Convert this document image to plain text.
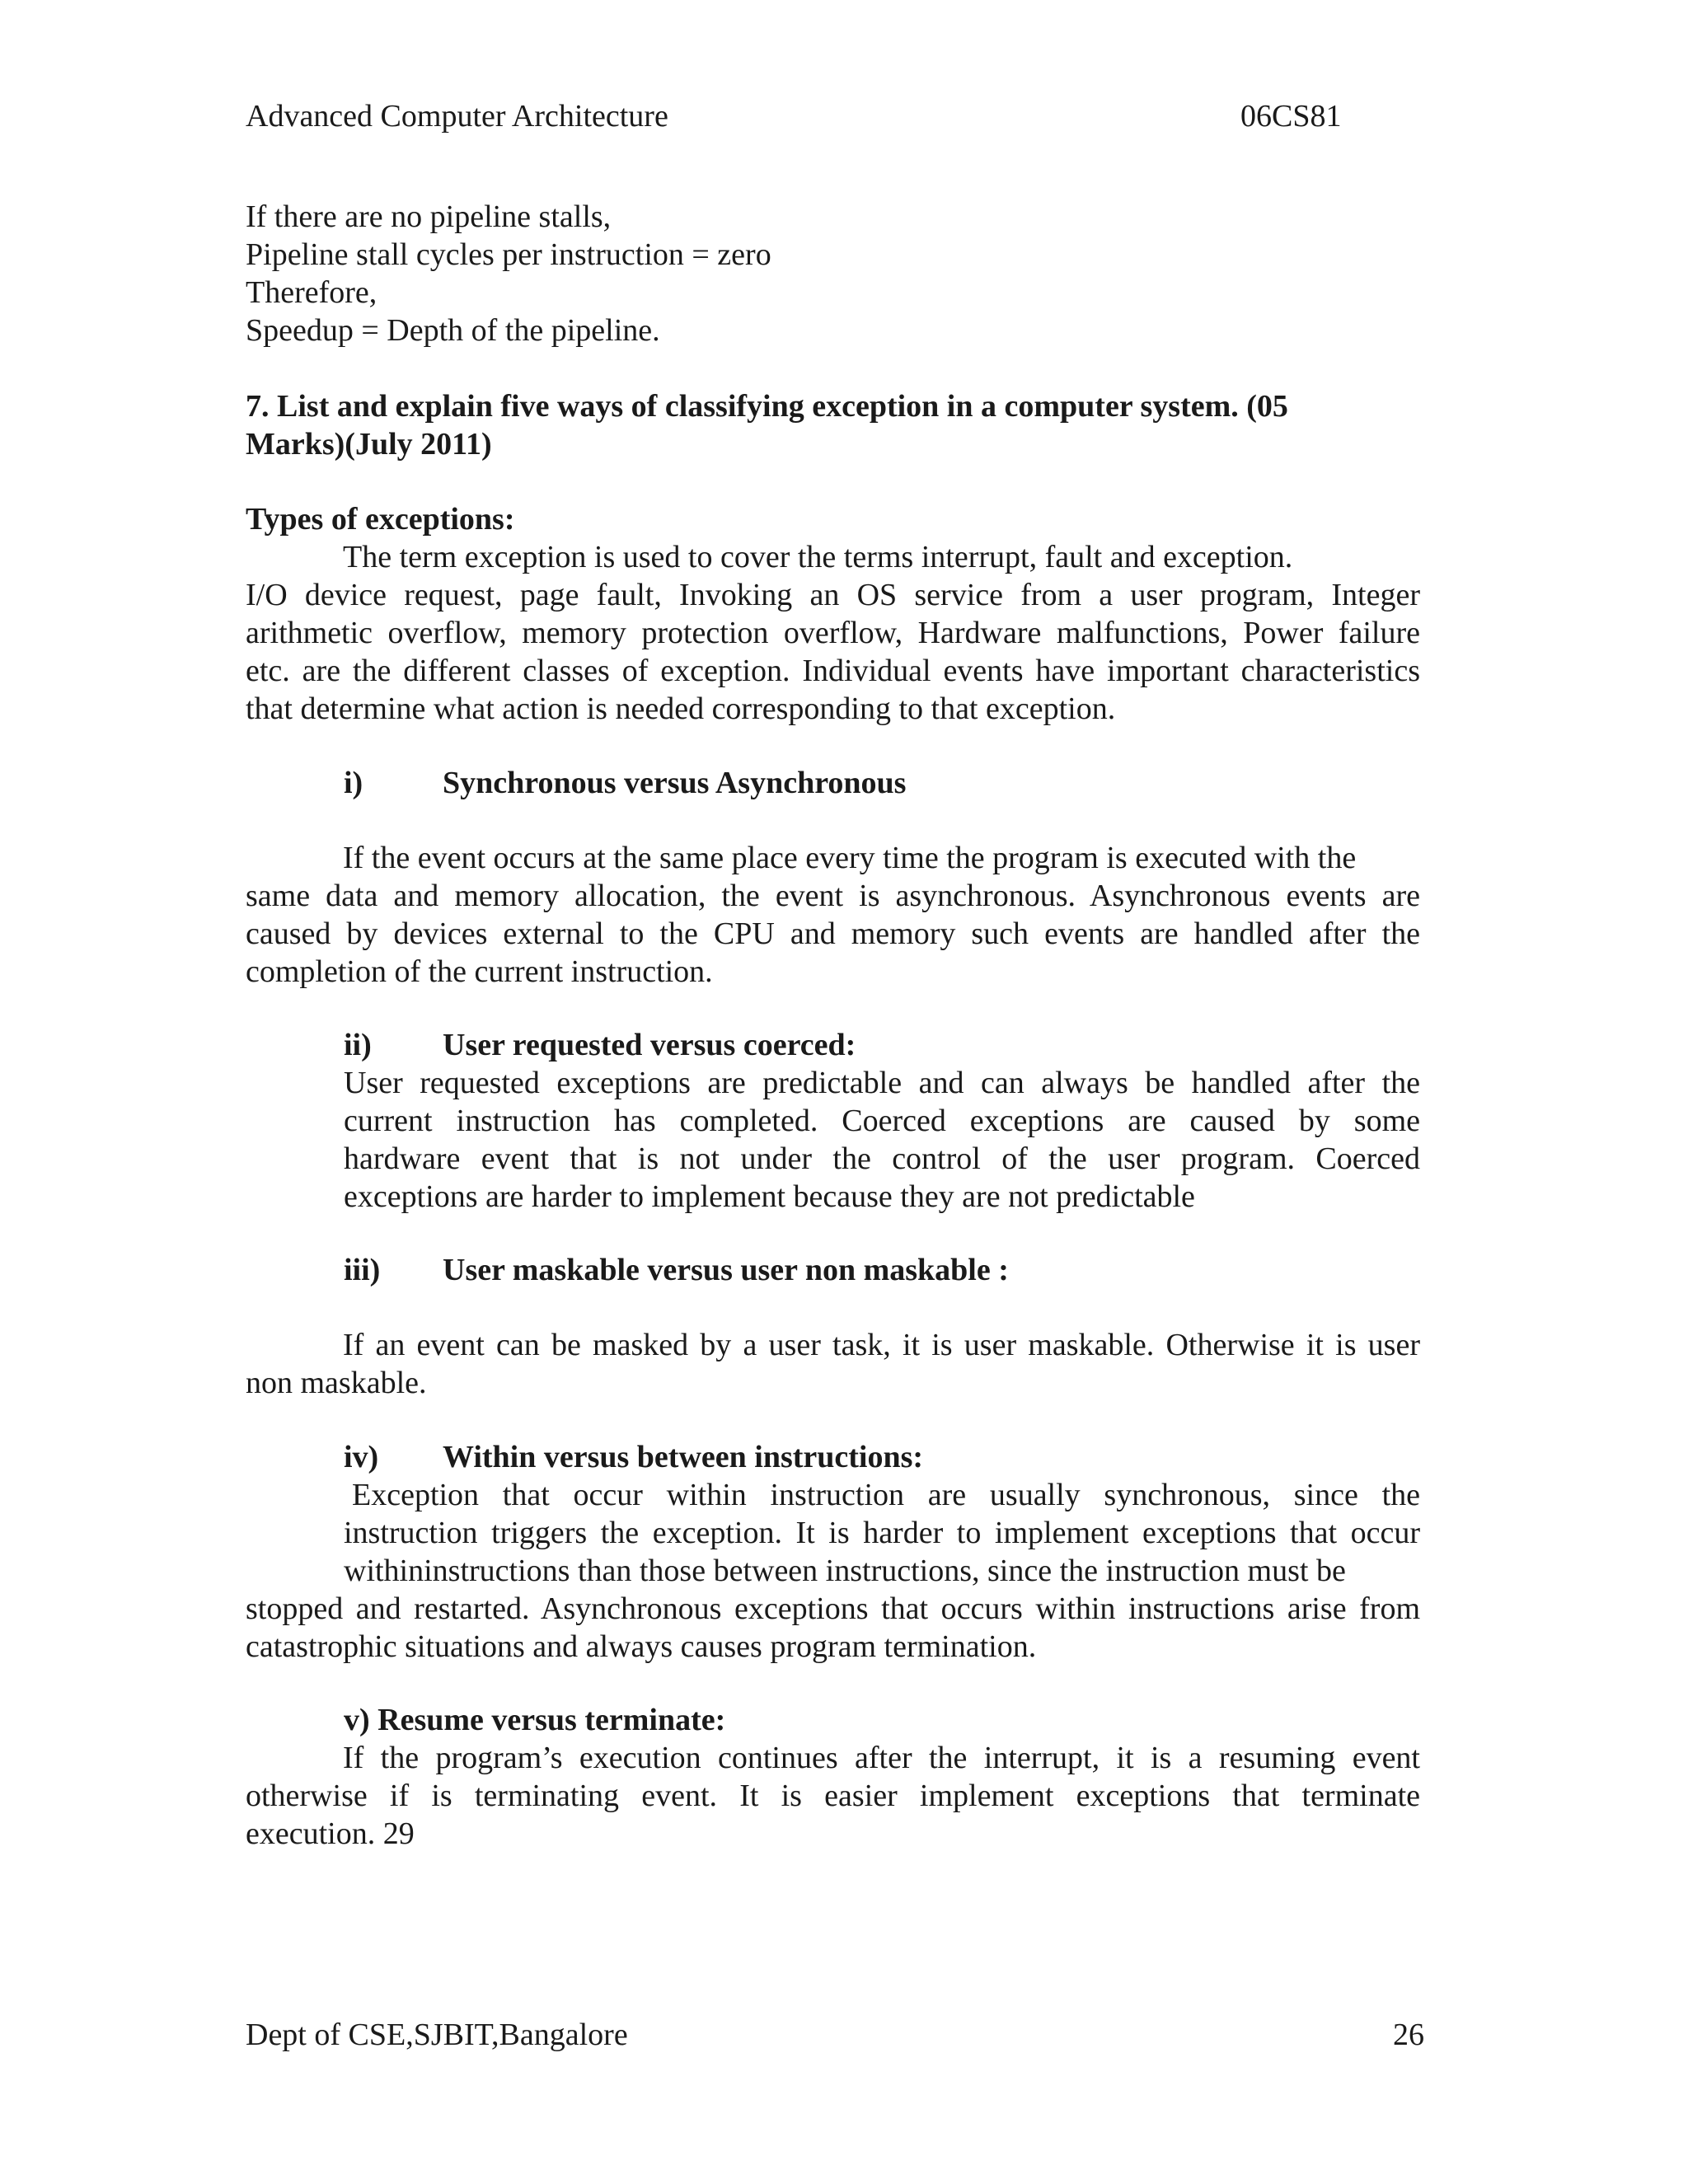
Advanced Computer Architecture	06CS81
If there are no pipeline stalls,
Pipeline stall cycles per instruction = zero
Therefore,
Speedup = Depth of the pipeline.
7. List and explain five ways of classifying exception in a computer system. (05
Marks)(July 2011)
Types of exceptions:
The term exception is used to cover the terms interrupt, fault and exception.
I/O device request, page fault, Invoking an OS service from a user program, Integer
arithmetic overflow, memory protection overflow, Hardware malfunctions, Power failure
etc. are the different classes of exception. Individual events have important characteristics
that determine what action is needed corresponding to that exception.
i)	Synchronous versus Asynchronous
If the event occurs at the same place every time the program is executed with the
same data and memory allocation, the event is asynchronous. Asynchronous events are
caused by devices external to the CPU and memory such events are handled after the
completion of the current instruction.
ii) User requested versus coerced:
User requested exceptions are predictable and can always be handled after the
current instruction has completed. Coerced exceptions are caused by some
hardware event that is not under the control of the user program. Coerced
exceptions are harder to implement because they are not predictable
iii) User maskable versus user non maskable :
If an event can be masked by a user task, it is user maskable. Otherwise it is user
non maskable.
iv) Within versus between instructions:
Exception that occur within instruction are usually synchronous, since the
instruction triggers the exception. It is harder to implement exceptions that occur
withininstructions than those between instructions, since the instruction must be
stopped and restarted. Asynchronous exceptions that occurs within instructions arise from
catastrophic situations and always causes program termination.
v) Resume versus terminate:
If the program’s execution continues after the interrupt, it is a resuming event
otherwise if is terminating event. It is easier implement exceptions that terminate
execution. 29
Dept of CSE,SJBIT,Bangalore	26
